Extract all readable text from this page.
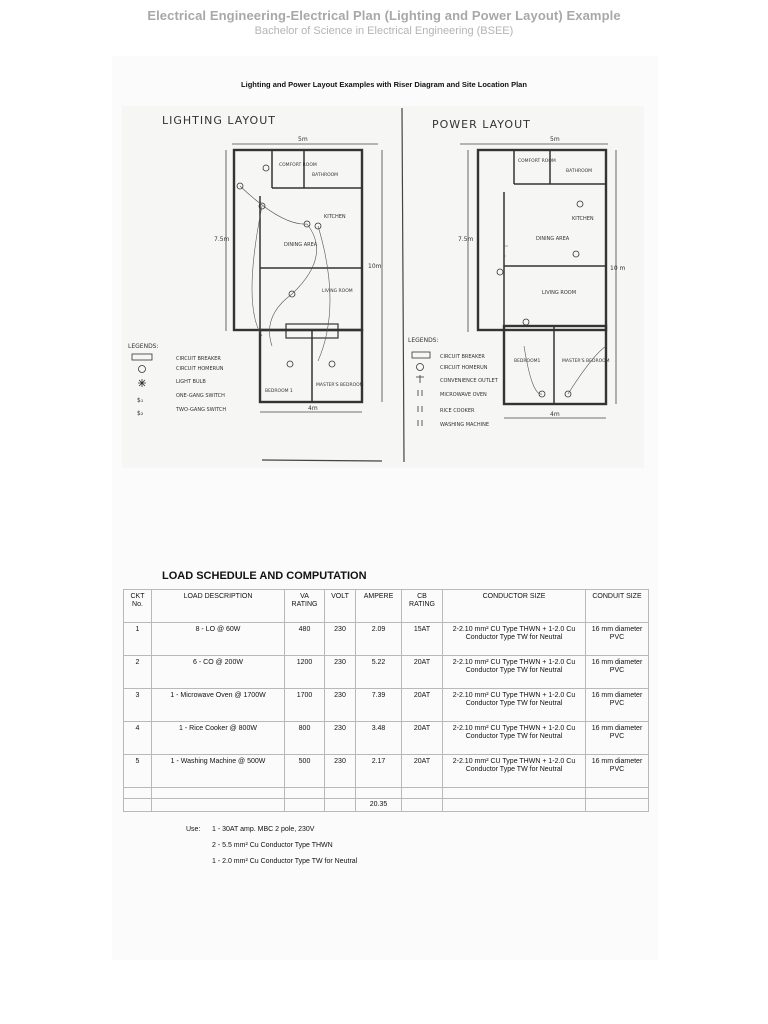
Electrical Engineering-Electrical Plan (Lighting and Power Layout) Example
Bachelor of Science in Electrical Engineering (BSEE)
Lighting and Power Layout Examples with Riser Diagram and Site Location Plan
LIGHTING LAYOUT
5m
7.5m
10m
COMFORT ROOM
BATHROOM
KITCHEN
DINING AREA
LIVING ROOM
BEDROOM 1
MASTER'S BEDROOM
LEGENDS:
$₁
$₂
CIRCUIT BREAKER
CIRCUIT HOMERUN
LIGHT BULB
ONE-GANG SWITCH
TWO-GANG SWITCH	4m
POWER LAYOUT
5m
7.5m
10 m
COMFORT ROOM
BATHROOM
KITCHEN
DINING AREA
LIVING ROOM
BEDROOM1	MASTER'S BEDROOM
LEGENDS:
CIRCUIT BREAKER
CIRCUIT HOMERUN
CONVENIENCE OUTLET
MICROWAVE OVEN
RICE COOKER
WASHING MACHINE
4m
LOAD SCHEDULE AND COMPUTATION
CKT No.	LOAD DESCRIPTION	VA RATING	VOLT	AMPERE	CB RATING	CONDUCTOR SIZE	CONDUIT SIZE
1	8 - LO @ 60W	480	230	2.09	15AT	2-2.10 mm² CU Type THWN + 1-2.0 Cu Conductor Type TW for Neutral	16 mm diameter PVC
2	6 - CO @ 200W	1200	230	5.22	20AT	2-2.10 mm² CU Type THWN + 1-2.0 Cu Conductor Type TW for Neutral	16 mm diameter PVC
3	1 - Microwave Oven @ 1700W	1700	230	7.39	20AT	2-2.10 mm² CU Type THWN + 1-2.0 Cu Conductor Type TW for Neutral	16 mm diameter PVC
4	1 - Rice Cooker @ 800W	800	230	3.48	20AT	2-2.10 mm² CU Type THWN + 1-2.0 Cu Conductor Type TW for Neutral	16 mm diameter PVC
5	1 - Washing Machine @ 500W	500	230	2.17	20AT	2-2.10 mm² CU Type THWN + 1-2.0 Cu Conductor Type TW for Neutral	16 mm diameter PVC

				20.35			
Use: 1 - 30AT amp. MBC 2 pole, 230V
2 - 5.5 mm² Cu Conductor Type THWN
1 - 2.0 mm² Cu Conductor Type TW for Neutral
